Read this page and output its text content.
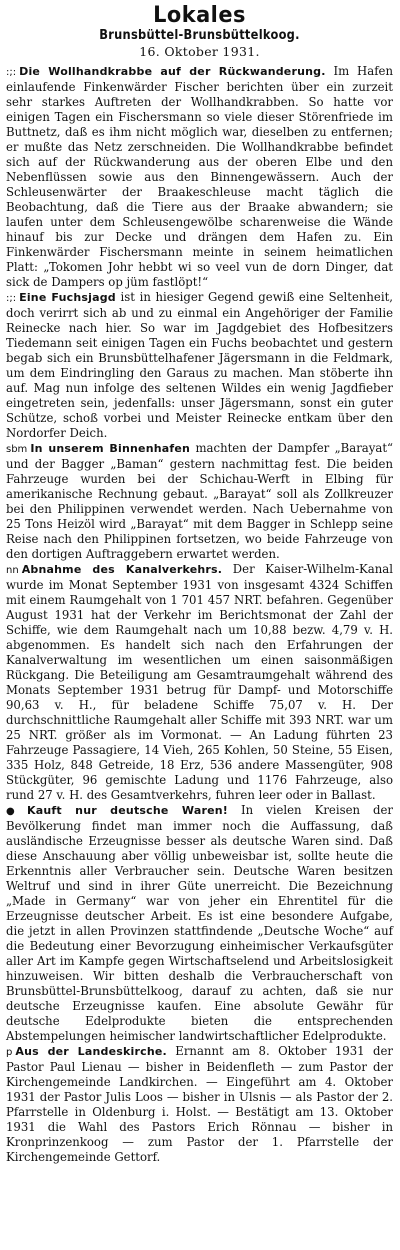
Lokales
Brunsbüttel-Brunsbüttelkoog.
16. Oktober 1931.

:;: Die Wollhandkrabbe auf der Rückwanderung. Im Hafen einlaufende Finkenwärder Fischer berichten über ein zurzeit sehr starkes Auftreten der Wollhandkrabben. So hatte vor einigen Tagen ein Fischersmann so viele dieser Störenfriede im Buttnetz, daß es ihm nicht möglich war, dieselben zu entfernen; er mußte das Netz zerschneiden. Die Wollhandkrabbe befindet sich auf der Rückwanderung aus der oberen Elbe und den Nebenflüssen sowie aus den Binnengewässern. Auch der Schleusenwärter der Braakeschleuse macht täglich die Beobachtung, daß die Tiere aus der Braake abwandern; sie laufen unter dem Schleusengewölbe scharenweise die Wände hinauf bis zur Decke und drängen dem Hafen zu. Ein Finkenwärder Fischersmann meinte in seinem heimatlichen Platt: „Tokomen Johr hebbt wi so veel vun de dorn Dinger, dat sick de Dampers op jüm fastlöpt!“

:;: Eine Fuchsjagd ist in hiesiger Gegend gewiß eine Seltenheit, doch verirrt sich ab und zu einmal ein Angehöriger der Familie Reinecke nach hier. So war im Jagdgebiet des Hofbesitzers Tiedemann seit einigen Tagen ein Fuchs beobachtet und gestern begab sich ein Brunsbüttelhafener Jägersmann in die Feldmark, um dem Eindringling den Garaus zu machen. Man stöberte ihn auf. Mag nun infolge des seltenen Wildes ein wenig Jagdfieber eingetreten sein, jedenfalls: unser Jägersmann, sonst ein guter Schütze, schoß vorbei und Meister Reinecke entkam über den Nordorfer Deich.

sbm In unserem Binnenhafen machten der Dampfer „Barayat“ und der Bagger „Baman“ gestern nachmittag fest. Die beiden Fahrzeuge wurden bei der Schichau-Werft in Elbing für amerikanische Rechnung gebaut. „Barayat“ soll als Zollkreuzer bei den Philippinen verwendet werden. Nach Uebernahme von 25 Tons Heizöl wird „Barayat“ mit dem Bagger in Schlepp seine Reise nach den Philippinen fortsetzen, wo beide Fahrzeuge von den dortigen Auftraggebern erwartet werden.

nn Abnahme des Kanalverkehrs. Der Kaiser-Wilhelm-Kanal wurde im Monat September 1931 von insgesamt 4324 Schiffen mit einem Raumgehalt von 1 701 457 NRT. befahren. Gegenüber August 1931 hat der Verkehr im Berichtsmonat der Zahl der Schiffe, wie dem Raumgehalt nach um 10,88 bezw. 4,79 v. H. abgenommen. Es handelt sich nach den Erfahrungen der Kanalverwaltung im wesentlichen um einen saisonmäßigen Rückgang. Die Beteiligung am Gesamtraumgehalt während des Monats September 1931 betrug für Dampf- und Motorschiffe 90,63 v. H., für beladene Schiffe 75,07 v. H. Der durchschnittliche Raumgehalt aller Schiffe mit 393 NRT. war um 25 NRT. größer als im Vormonat. — An Ladung führten 23 Fahrzeuge Passagiere, 14 Vieh, 265 Kohlen, 50 Steine, 55 Eisen, 335 Holz, 848 Getreide, 18 Erz, 536 andere Massengüter, 908 Stückgüter, 96 gemischte Ladung und 1176 Fahrzeuge, also rund 27 v. H. des Gesamtverkehrs, fuhren leer oder in Ballast.

● Kauft nur deutsche Waren! In vielen Kreisen der Bevölkerung findet man immer noch die Auffassung, daß ausländische Erzeugnisse besser als deutsche Waren sind. Daß diese Anschauung aber völlig unbeweisbar ist, sollte heute die Erkenntnis aller Verbraucher sein. Deutsche Waren besitzen Weltruf und sind in ihrer Güte unerreicht. Die Bezeichnung „Made in Germany“ war von jeher ein Ehrentitel für die Erzeugnisse deutscher Arbeit. Es ist eine besondere Aufgabe, die jetzt in allen Provinzen stattfindende „Deutsche Woche“ auf die Bedeutung einer Bevorzugung einheimischer Verkaufsgüter aller Art im Kampfe gegen Wirtschaftselend und Arbeitslosigkeit hinzuweisen. Wir bitten deshalb die Verbraucherschaft von Brunsbüttel-Brunsbüttelkoog, darauf zu achten, daß sie nur deutsche Erzeugnisse kaufen. Eine absolute Gewähr für deutsche Edelprodukte bieten die entsprechenden Abstempelungen heimischer landwirtschaftlicher Edelprodukte.

p Aus der Landeskirche. Ernannt am 8. Oktober 1931 der Pastor Paul Lienau — bisher in Beidenfleth — zum Pastor der Kirchengemeinde Landkirchen. — Eingeführt am 4. Oktober 1931 der Pastor Julis Loos — bisher in Ulsnis — als Pastor der 2. Pfarrstelle in Oldenburg i. Holst. — Bestätigt am 13. Oktober 1931 die Wahl des Pastors Erich Rönnau — bisher in Kronprinzenkoog — zum Pastor der 1. Pfarrstelle der Kirchengemeinde Gettorf.
